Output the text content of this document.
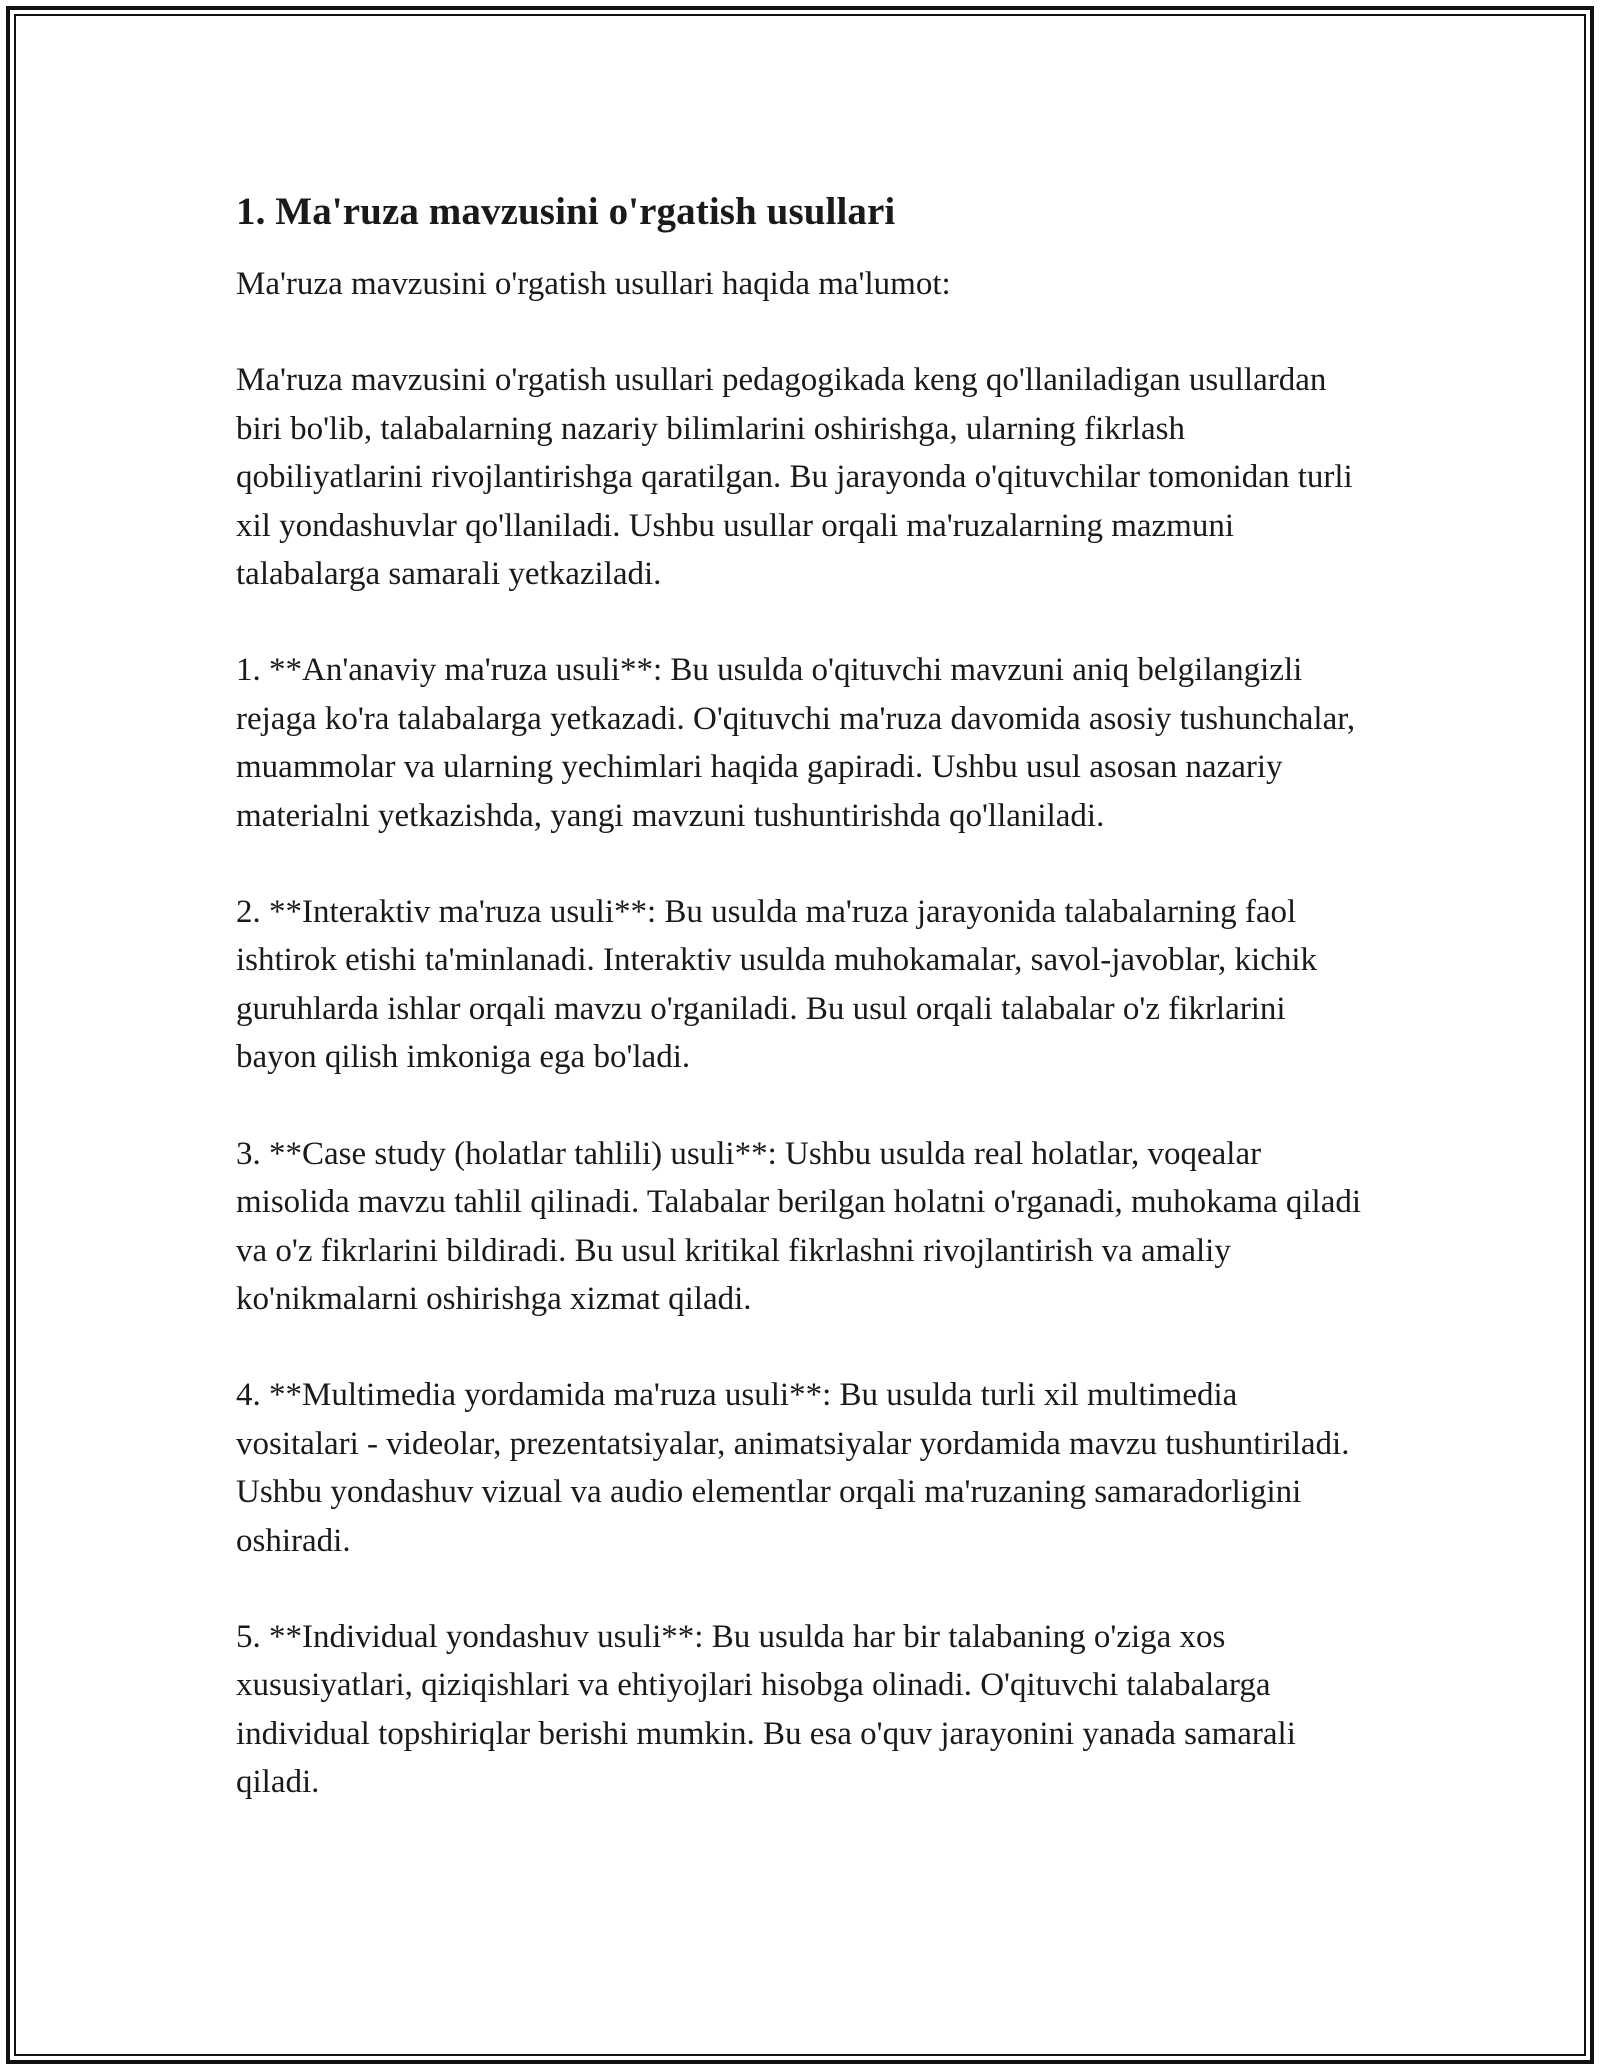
1. Ma'ruza mavzusini o'rgatish usullari

Ma'ruza mavzusini o'rgatish usullari haqida ma'lumot:

Ma'ruza mavzusini o'rgatish usullari pedagogikada keng qo'llaniladigan usullardan biri bo'lib, talabalarning nazariy bilimlarini oshirishga, ularning fikrlash qobiliyatlarini rivojlantirishga qaratilgan. Bu jarayonda o'qituvchilar tomonidan turli xil yondashuvlar qo'llaniladi. Ushbu usullar orqali ma'ruzalarning mazmuni talabalarga samarali yetkaziladi.

1. **An'anaviy ma'ruza usuli**: Bu usulda o'qituvchi mavzuni aniq belgilangizli rejaga ko'ra talabalarga yetkazadi. O'qituvchi ma'ruza davomida asosiy tushunchalar, muammolar va ularning yechimlari haqida gapiradi. Ushbu usul asosan nazariy materialni yetkazishda, yangi mavzuni tushuntirishda qo'llaniladi.

2. **Interaktiv ma'ruza usuli**: Bu usulda ma'ruza jarayonida talabalarning faol ishtirok etishi ta'minlanadi. Interaktiv usulda muhokamalar, savol-javoblar, kichik guruhlarda ishlar orqali mavzu o'rganiladi. Bu usul orqali talabalar o'z fikrlarini bayon qilish imkoniga ega bo'ladi.

3. **Case study (holatlar tahlili) usuli**: Ushbu usulda real holatlar, voqealar misolida mavzu tahlil qilinadi. Talabalar berilgan holatni o'rganadi, muhokama qiladi va o'z fikrlarini bildiradi. Bu usul kritikal fikrlashni rivojlantirish va amaliy ko'nikmalarni oshirishga xizmat qiladi.

4. **Multimedia yordamida ma'ruza usuli**: Bu usulda turli xil multimedia vositalari - videolar, prezentatsiyalar, animatsiyalar yordamida mavzu tushuntiriladi. Ushbu yondashuv vizual va audio elementlar orqali ma'ruzaning samaradorligini oshiradi.

5. **Individual yondashuv usuli**: Bu usulda har bir talabaning o'ziga xos xususiyatlari, qiziqishlari va ehtiyojlari hisobga olinadi. O'qituvchi talabalarga individual topshiriqlar berishi mumkin. Bu esa o'quv jarayonini yanada samarali qiladi.
